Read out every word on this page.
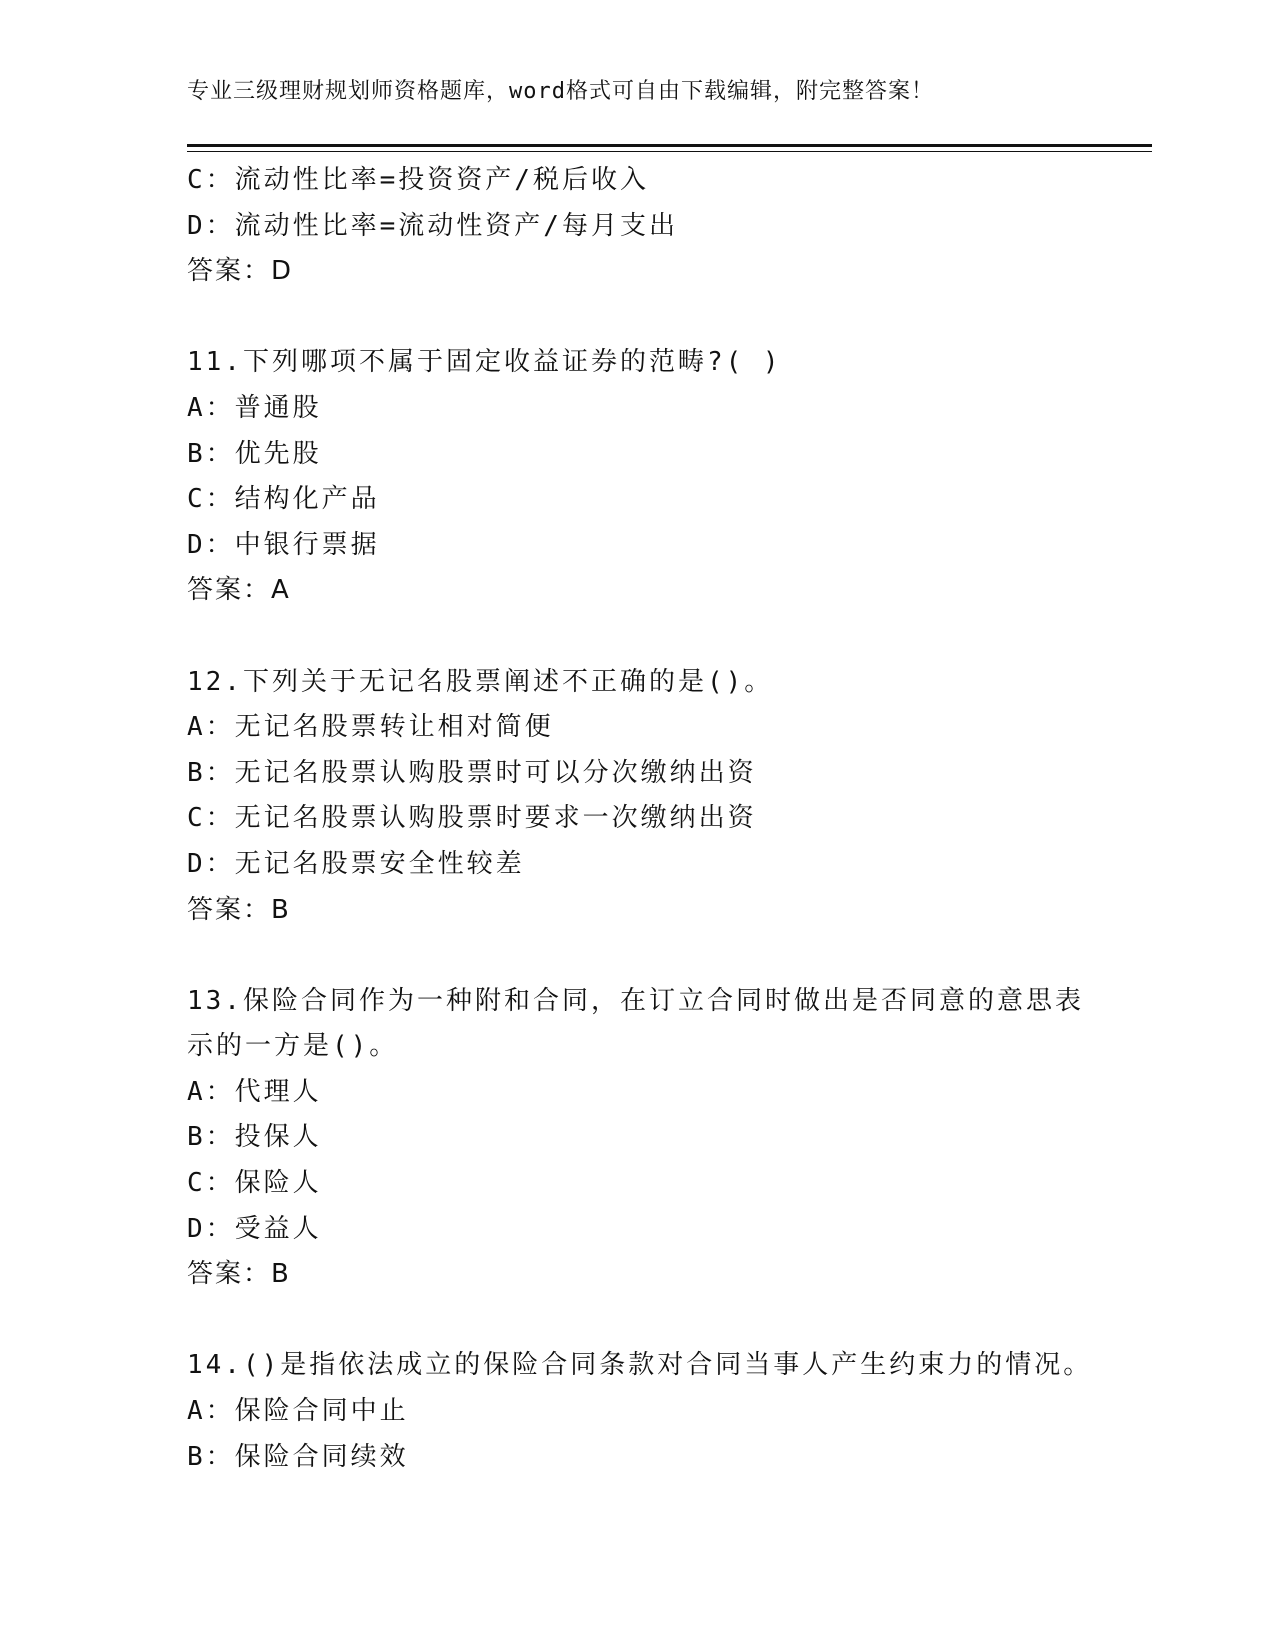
专业三级理财规划师资格题库，word格式可自由下载编辑，附完整答案！
C：流动性比率=投资资产/税后收入
D：流动性比率=流动性资产/每月支出
答案：D
11.下列哪项不属于固定收益证券的范畴?( )
A：普通股
B：优先股
C：结构化产品
D：中银行票据
答案：A
12.下列关于无记名股票阐述不正确的是()。
A：无记名股票转让相对简便
B：无记名股票认购股票时可以分次缴纳出资
C：无记名股票认购股票时要求一次缴纳出资
D：无记名股票安全性较差
答案：B
13.保险合同作为一种附和合同，在订立合同时做出是否同意的意思表
示的一方是()。
A：代理人
B：投保人
C：保险人
D：受益人
答案：B
14.()是指依法成立的保险合同条款对合同当事人产生约束力的情况。
A：保险合同中止
B：保险合同续效
